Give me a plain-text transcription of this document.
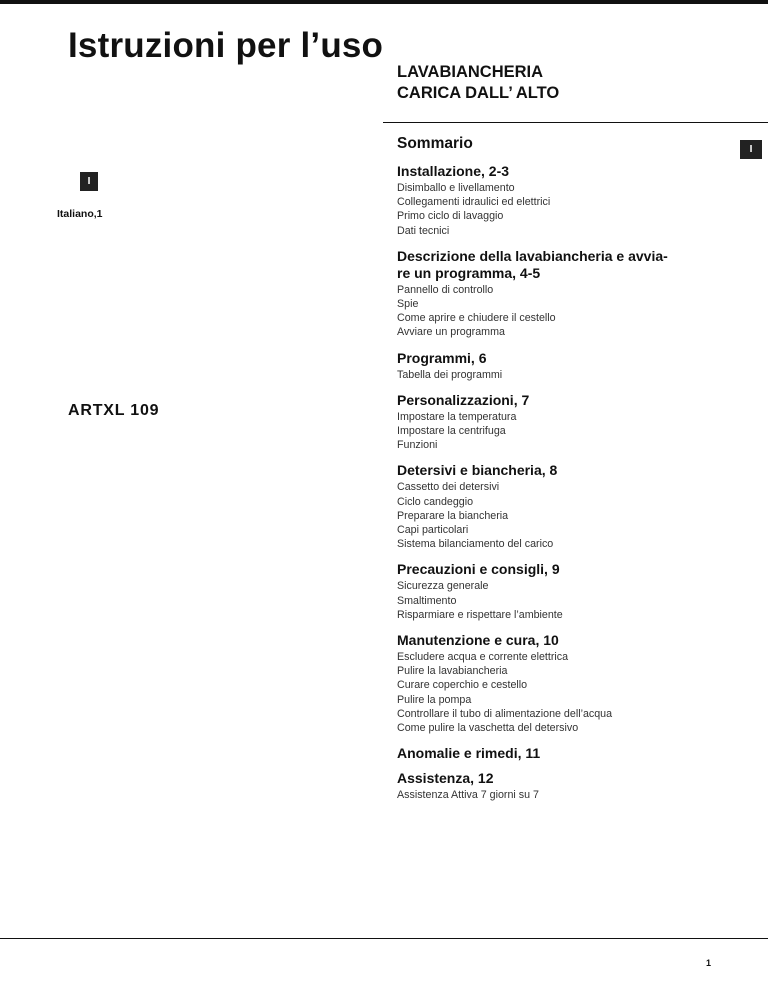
Istruzioni per l’uso
LAVABIANCHERIA
CARICA DALL’ ALTO
I
Italiano,1
I
ARTXL 109
Sommario
Installazione, 2-3
Disimballo e livellamento
Collegamenti idraulici ed elettrici
Primo ciclo di lavaggio
Dati tecnici
Descrizione della lavabiancheria e avvia-
re un programma, 4-5
Pannello di controllo
Spie
Come aprire e chiudere il cestello
Avviare un programma
Programmi, 6
Tabella dei programmi
Personalizzazioni, 7
Impostare la temperatura
Impostare la centrifuga
Funzioni
Detersivi e biancheria, 8
Cassetto dei detersivi
Ciclo candeggio
Preparare la biancheria
Capi particolari
Sistema bilanciamento del carico
Precauzioni e consigli, 9
Sicurezza generale
Smaltimento
Risparmiare e rispettare l’ambiente
Manutenzione e cura, 10
Escludere acqua e corrente elettrica
Pulire la lavabiancheria
Curare coperchio e cestello
Pulire la pompa
Controllare il tubo di alimentazione dell’acqua
Come pulire la vaschetta del detersivo
Anomalie e rimedi, 11
Assistenza, 12
Assistenza Attiva 7 giorni su 7
1
